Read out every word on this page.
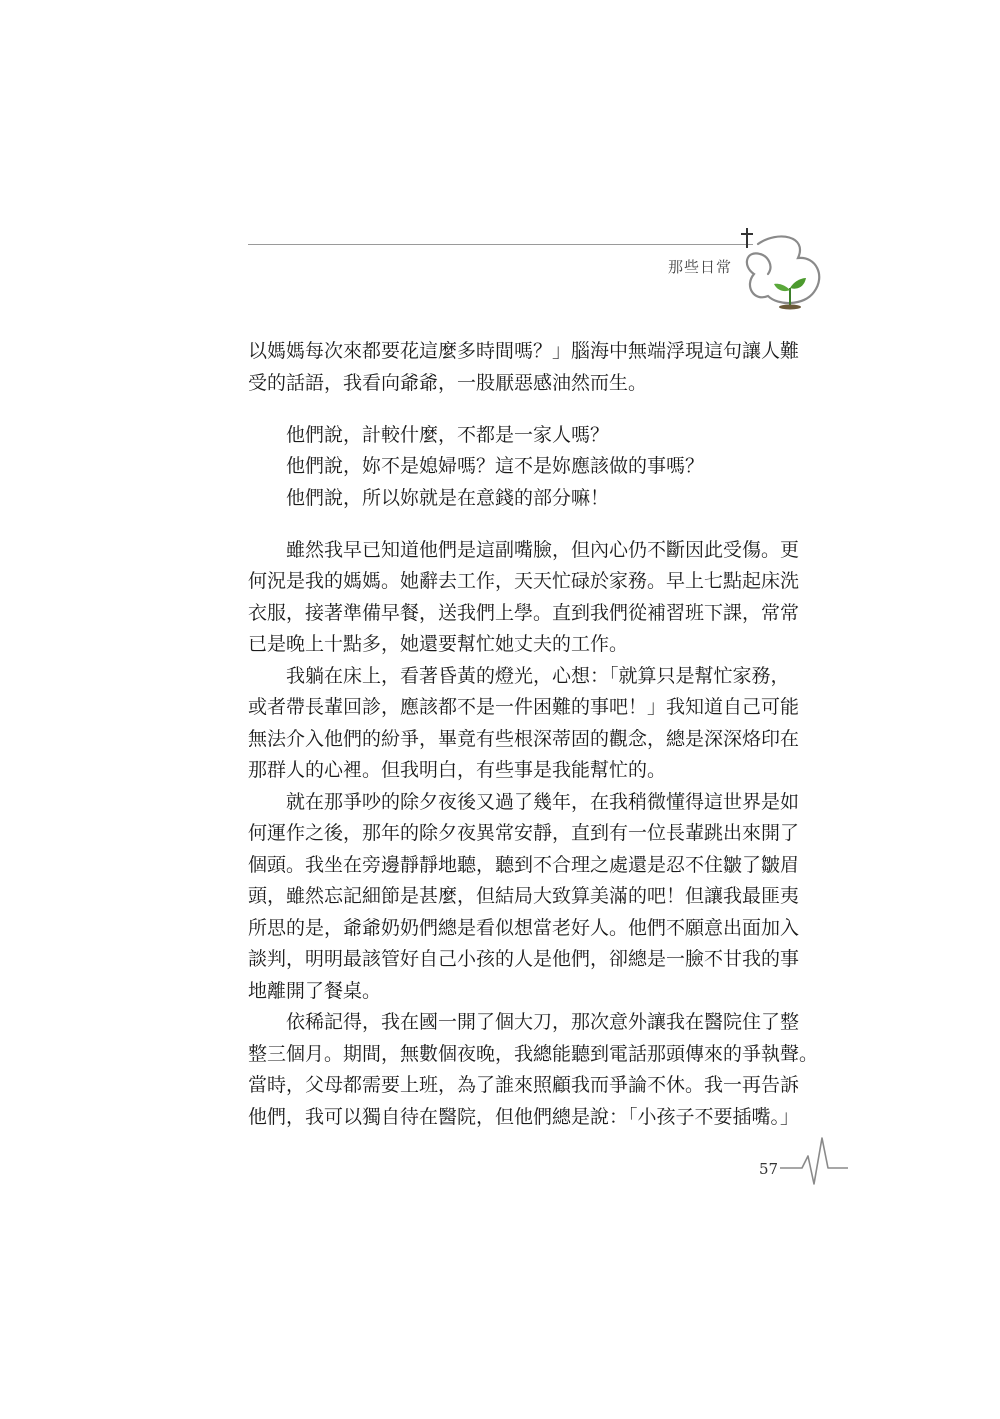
那些日常
以媽媽每次來都要花這麼多時間嗎？」腦海中無端浮現這句讓人難
受的話語，我看向爺爺，一股厭惡感油然而生。
他們說，計較什麼，不都是一家人嗎？
他們說，妳不是媳婦嗎？這不是妳應該做的事嗎？
他們說，所以妳就是在意錢的部分嘛！
　　雖然我早已知道他們是這副嘴臉，但內心仍不斷因此受傷。更
何況是我的媽媽。她辭去工作，天天忙碌於家務。早上七點起床洗
衣服，接著準備早餐，送我們上學。直到我們從補習班下課，常常
已是晚上十點多，她還要幫忙她丈夫的工作。
　　我躺在床上，看著昏黃的燈光，心想：「就算只是幫忙家務，
或者帶長輩回診，應該都不是一件困難的事吧！」我知道自己可能
無法介入他們的紛爭，畢竟有些根深蒂固的觀念，總是深深烙印在
那群人的心裡。但我明白，有些事是我能幫忙的。
　　就在那爭吵的除夕夜後又過了幾年，在我稍微懂得這世界是如
何運作之後，那年的除夕夜異常安靜，直到有一位長輩跳出來開了
個頭。我坐在旁邊靜靜地聽，聽到不合理之處還是忍不住皺了皺眉
頭，雖然忘記細節是甚麼，但結局大致算美滿的吧！但讓我最匪夷
所思的是，爺爺奶奶們總是看似想當老好人。他們不願意出面加入
談判，明明最該管好自己小孩的人是他們，卻總是一臉不甘我的事
地離開了餐桌。
　　依稀記得，我在國一開了個大刀，那次意外讓我在醫院住了整
整三個月。期間，無數個夜晚，我總能聽到電話那頭傳來的爭執聲。
當時，父母都需要上班，為了誰來照顧我而爭論不休。我一再告訴
他們，我可以獨自待在醫院，但他們總是說：「小孩子不要插嘴。」
57
